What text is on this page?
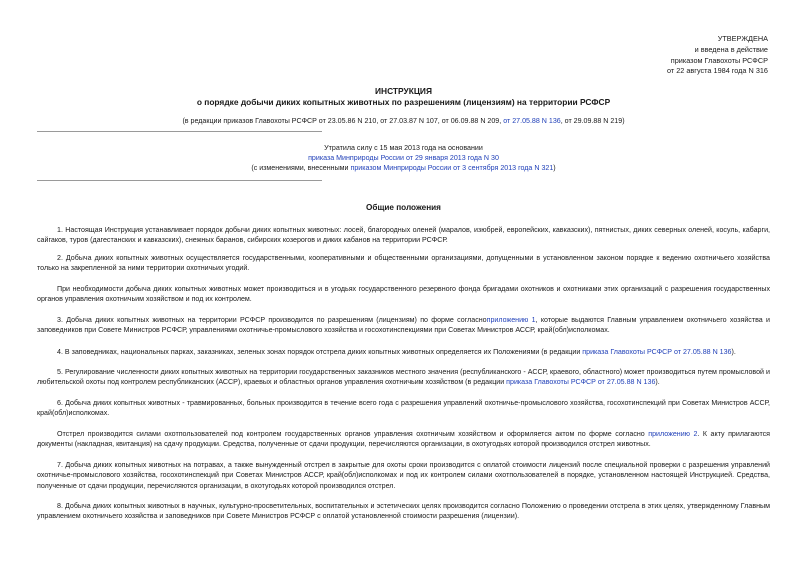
УТВЕРЖДЕНА
и введена в действие
приказом Главохоты РСФСР
от 22 августа 1984 года N 316
ИНСТРУКЦИЯ
о порядке добычи диких копытных животных по разрешениям (лицензиям) на территории РСФСР
(в редакции приказов Главохоты РСФСР от 23.05.86 N 210, от 27.03.87 N 107, от 06.09.88 N 209, от 27.05.88 N 136, от 29.09.88 N 219)
Утратила силу с 15 мая 2013 года на основании
приказа Минприроды России от 29 января 2013 года N 30
(с изменениями, внесенными приказом Минприроды России от 3 сентября 2013 года N 321)
Общие положения

1. Настоящая Инструкция устанавливает порядок добычи диких копытных животных: лосей, благородных оленей (маралов, изюбрей, европейских, кавказских), пятнистых, диких северных оленей, косуль, кабарги, сайгаков, туров (дагестанских и кавказских), снежных баранов, сибирских козерогов и диких кабанов на территории РСФСР.

2. Добыча диких копытных животных осуществляется государственными, кооперативными и общественными организациями, допущенными в установленном законом порядке к ведению охотничьего хозяйства только на закрепленной за ними территории охотничьих угодий.

При необходимости добыча диких копытных животных может производиться и в угодьях государственного резервного фонда бригадами охотников и охотниками этих организаций с разрешения государственных органов управления охотничьим хозяйством и под их контролем.

3. Добыча диких копытных животных на территории РСФСР производится по разрешениям (лицензиям) по форме согласноприложению 1, которые выдаются Главным управлением охотничьего хозяйства и заповедников при Совете Министров РСФСР, управлениями охотничье-промыслового хозяйства и госохотинспекциями при Советах Министров АССР, край(обл)исполкомах.

4. В заповедниках, национальных парках, заказниках, зеленых зонах порядок отстрела диких копытных животных определяется их Положениями (в редакции приказа Главохоты РСФСР от 27.05.88 N 136).

5. Регулирование численности диких копытных животных на территории государственных заказников местного значения (республиканского - АССР, краевого, областного) может производиться путем промысловой и любительской охоты под контролем республиканских (АССР), краевых и областных органов управления охотничьим хозяйством (в редакции приказа Главохоты РСФСР от 27.05.88 N 136).

6. Добыча диких копытных животных - травмированных, больных производится в течение всего года с разрешения управлений охотничье-промыслового хозяйства, госохотинспекций при Советах Министров АССР, край(обл)исполкомах.

Отстрел производится силами охотпользователей под контролем государственных органов управления охотничьим хозяйством и оформляется актом по форме согласно приложению 2. К акту прилагаются документы (накладная, квитанция) на сдачу продукции. Средства, полученные от сдачи продукции, перечисляются организации, в охотугодьях которой производился отстрел животных.

7. Добыча диких копытных животных на потравах, а также вынужденный отстрел в закрытые для охоты сроки производится с оплатой стоимости лицензий после специальной проверки с разрешения управлений охотничье-промыслового хозяйства, госохотинспекций при Советах Министров АССР, край(обл)исполкомах и под их контролем силами охотпользователей в порядке, установленном настоящей Инструкцией. Средства, полученные от сдачи продукции, перечисляются организации, в охотугодьях которой производился отстрел.

8. Добыча диких копытных животных в научных, культурно-просветительных, воспитательных и эстетических целях производится согласно Положению о проведении отстрела в этих целях, утвержденному Главным управлением охотничьего хозяйства и заповедников при Совете Министров РСФСР с оплатой установленной стоимости разрешения (лицензии).
